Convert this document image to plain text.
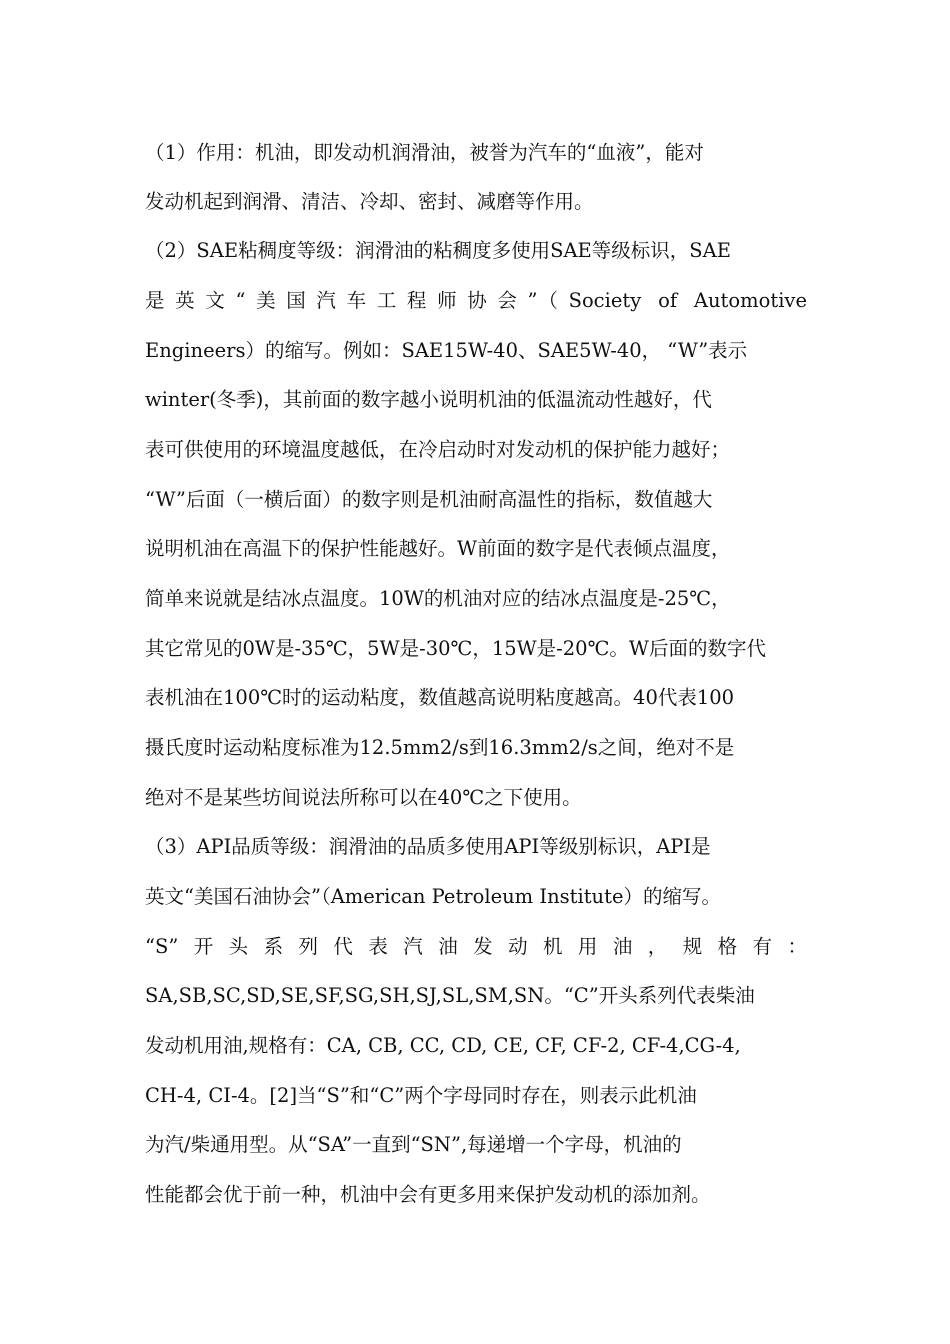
（1）作用：机油，即发动机润滑油，被誉为汽车的“血液”，能对
发动机起到润滑、清洁、冷却、密封、减磨等作用。
（2）SAE粘稠度等级：润滑油的粘稠度多使用SAE等级标识，SAE
是英文“美国汽车工程师协会”（Society of Automotive
Engineers）的缩写。例如：SAE15W-40、SAE5W-40， “W”表示
winter(冬季)，其前面的数字越小说明机油的低温流动性越好，代
表可供使用的环境温度越低，在冷启动时对发动机的保护能力越好；
“W”后面（一横后面）的数字则是机油耐高温性的指标，数值越大
说明机油在高温下的保护性能越好。W前面的数字是代表倾点温度，
简单来说就是结冰点温度。10W的机油对应的结冰点温度是-25℃，
其它常见的0W是-35℃，5W是-30℃，15W是-20℃。W后面的数字代
表机油在100℃时的运动粘度，数值越高说明粘度越高。40代表100
摄氏度时运动粘度标准为12.5mm2/s到16.3mm2/s之间，绝对不是
绝对不是某些坊间说法所称可以在40℃之下使用。
（3）API品质等级：润滑油的品质多使用API等级别标识，API是
英文“美国石油协会”（American Petroleum Institute）的缩写。
“S”开头系列代表汽油发动机用油，规格有：
SA,SB,SC,SD,SE,SF,SG,SH,SJ,SL,SM,SN。“C”开头系列代表柴油
发动机用油,规格有：CA, CB, CC, CD, CE, CF, CF-2, CF-4,CG-4,
CH-4, CI-4。[2]当“S”和“C”两个字母同时存在，则表示此机油
为汽/柴通用型。从“SA”一直到“SN”,每递增一个字母，机油的
性能都会优于前一种，机油中会有更多用来保护发动机的添加剂。
